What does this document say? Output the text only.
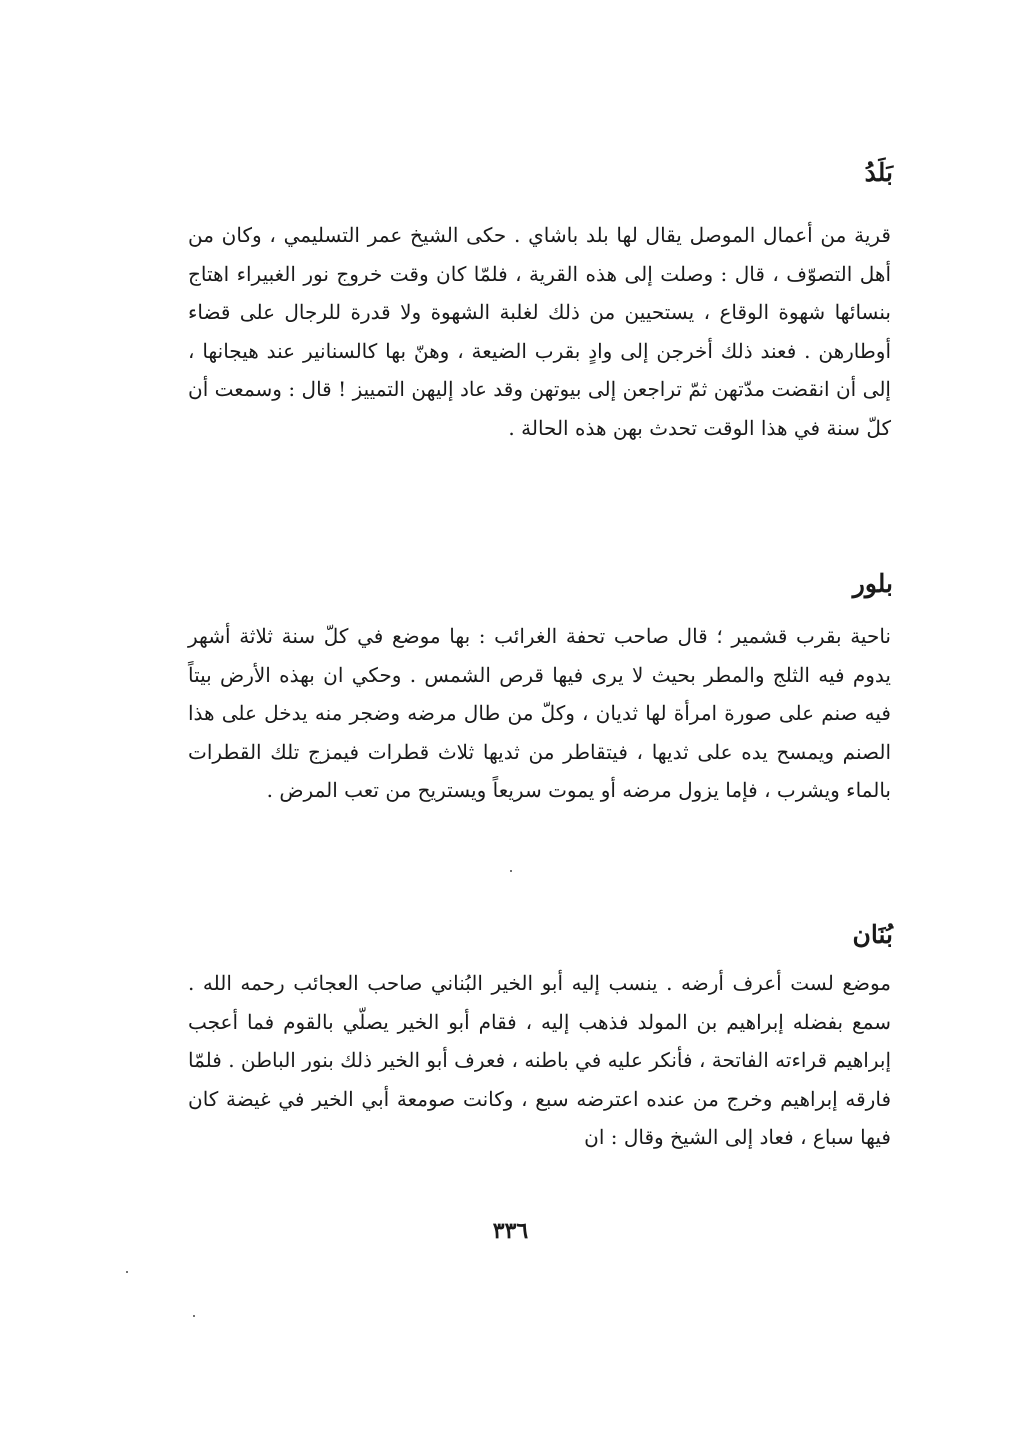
بَلَدُ

قرية من أعمال الموصل يقال لها بلد باشاي . حكى الشيخ عمر التسليمي ، وكان من أهل التصوّف ، قال : وصلت إلى هذه القرية ، فلمّا كان وقت خروج نور الغبيراء اهتاج بنسائها شهوة الوقاع ، يستحيين من ذلك لغلبة الشهوة ولا قدرة للرجال على قضاء أوطارهن . فعند ذلك أخرجن إلى وادٍ بقرب الضيعة ، وهنّ بها كالسنانير عند هيجانها ، إلى أن انقضت مدّتهن ثمّ تراجعن إلى بيوتهن وقد عاد إليهن التمييز ! قال : وسمعت أن كلّ سنة في هذا الوقت تحدث بهن هذه الحالة .

بلور

ناحية بقرب قشمير ؛ قال صاحب تحفة الغرائب : بها موضع في كلّ سنة ثلاثة أشهر يدوم فيه الثلج والمطر بحيث لا يرى فيها قرص الشمس . وحكي ان بهذه الأرض بيتاً فيه صنم على صورة امرأة لها ثديان ، وكلّ من طال مرضه وضجر منه يدخل على هذا الصنم ويمسح يده على ثديها ، فيتقاطر من ثديها ثلاث قطرات فيمزج تلك القطرات بالماء ويشرب ، فإما يزول مرضه أو يموت سريعاً ويستريح من تعب المرض .

بُنَان

موضع لست أعرف أرضه . ينسب إليه أبو الخير البُناني صاحب العجائب رحمه الله . سمع بفضله إبراهيم بن المولد فذهب إليه ، فقام أبو الخير يصلّي بالقوم فما أعجب إبراهيم قراءته الفاتحة ، فأنكر عليه في باطنه ، فعرف أبو الخير ذلك بنور الباطن . فلمّا فارقه إبراهيم وخرج من عنده اعترضه سبع ، وكانت صومعة أبي الخير في غيضة كان فيها سباع ، فعاد إلى الشيخ وقال : ان

٣٣٦
